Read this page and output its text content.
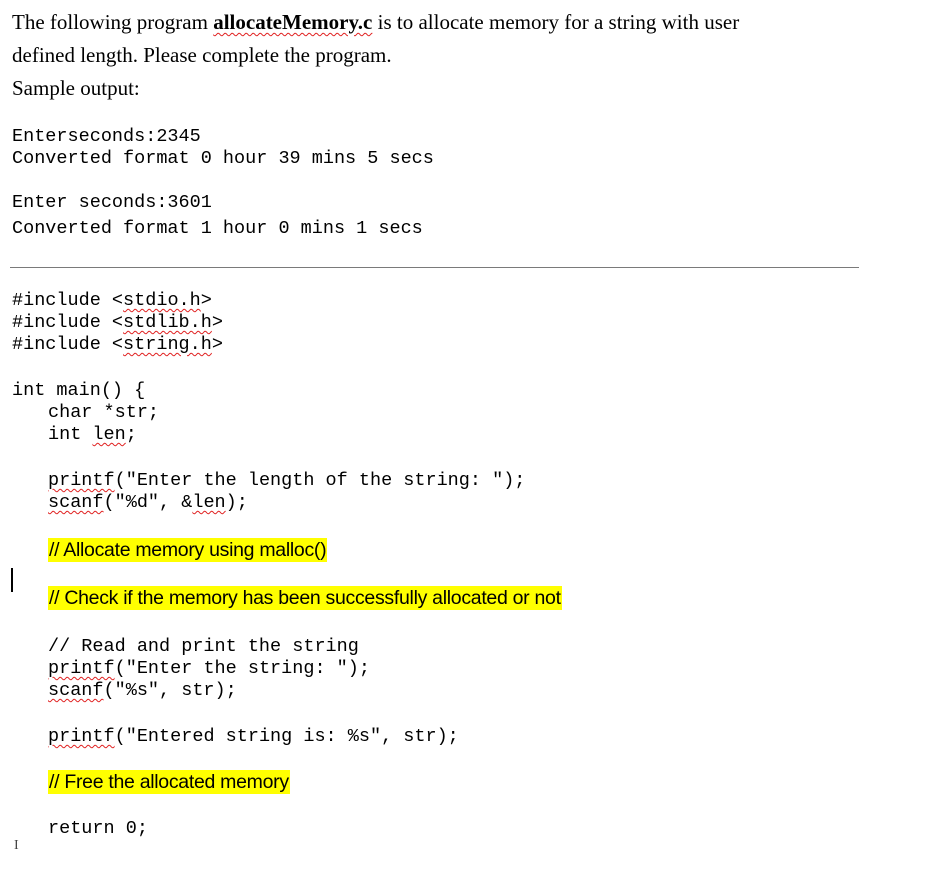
The following program allocateMemory.c is to allocate memory for a string with user
defined length. Please complete the program.
Sample output:
Enterseconds:2345
Converted format 0 hour 39 mins 5 secs
Enter seconds:3601
Converted format 1 hour 0 mins 1 secs
#include <stdio.h>
#include <stdlib.h>
#include <string.h>
int main() {
char *str;
int len;
printf("Enter the length of the string: ");
scanf("%d", &len);
// Allocate memory using malloc()
// Check if the memory has been successfully allocated or not
// Read and print the string
printf("Enter the string: ");
scanf("%s", str);
printf("Entered string is: %s", str);
// Free the allocated memory
return 0;
I
